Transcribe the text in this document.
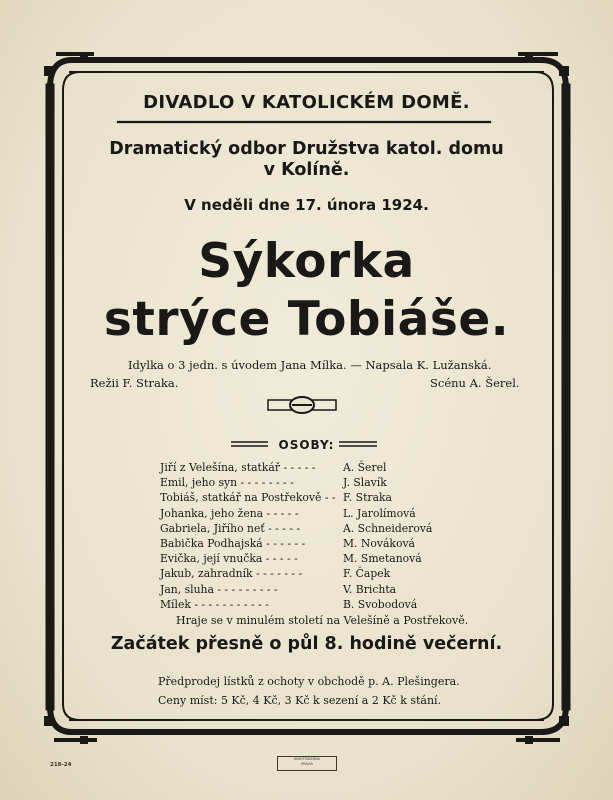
DIVADLO V KATOLICKÉM DOMĚ.
Dramatický odbor Družstva katol. domu
v Kolíně.
V neděli dne 17. února 1924.
Sýkorka
strýce Tobiáše.
Idylka o 3 jedn. s úvodem Jana Mílka. — Napsala K. Lužanská.
Režii F. Straka.	Scénu A. Šerel.
OSOBY:
Jiří z Velešína, statkář - - - - -	A. Šerel
Emil, jeho syn - - - - - - - -	J. Slavík
Tobiáš, statkář na Postřekově - - F. Straka
Johanka, jeho žena - - - - -	L. Jarolímová
Gabriela, Jiřího neť - - - - -	A. Schneiderová
Babička Podhajská - - - - - -	M. Nováková
Evička, její vnučka - - - - -	M. Smetanová
Jakub, zahradník - - - - - - -	F. Čapek
Jan, sluha - - - - - - - - -	V. Brichta
Mílek - - - - - - - - - - -	B. Svobodová
Hraje se v minulém století na Velešíně a Postřekově.
Začátek přesně o půl 8. hodině večerní.
Předprodej lístků z ochoty v obchodě p. A. Plešingera.
Ceny míst: 5 Kč, 4 Kč, 3 Kč k sezení a 2 Kč k stání.
218-24
KNIHTISKÁRNA
PRAHA
